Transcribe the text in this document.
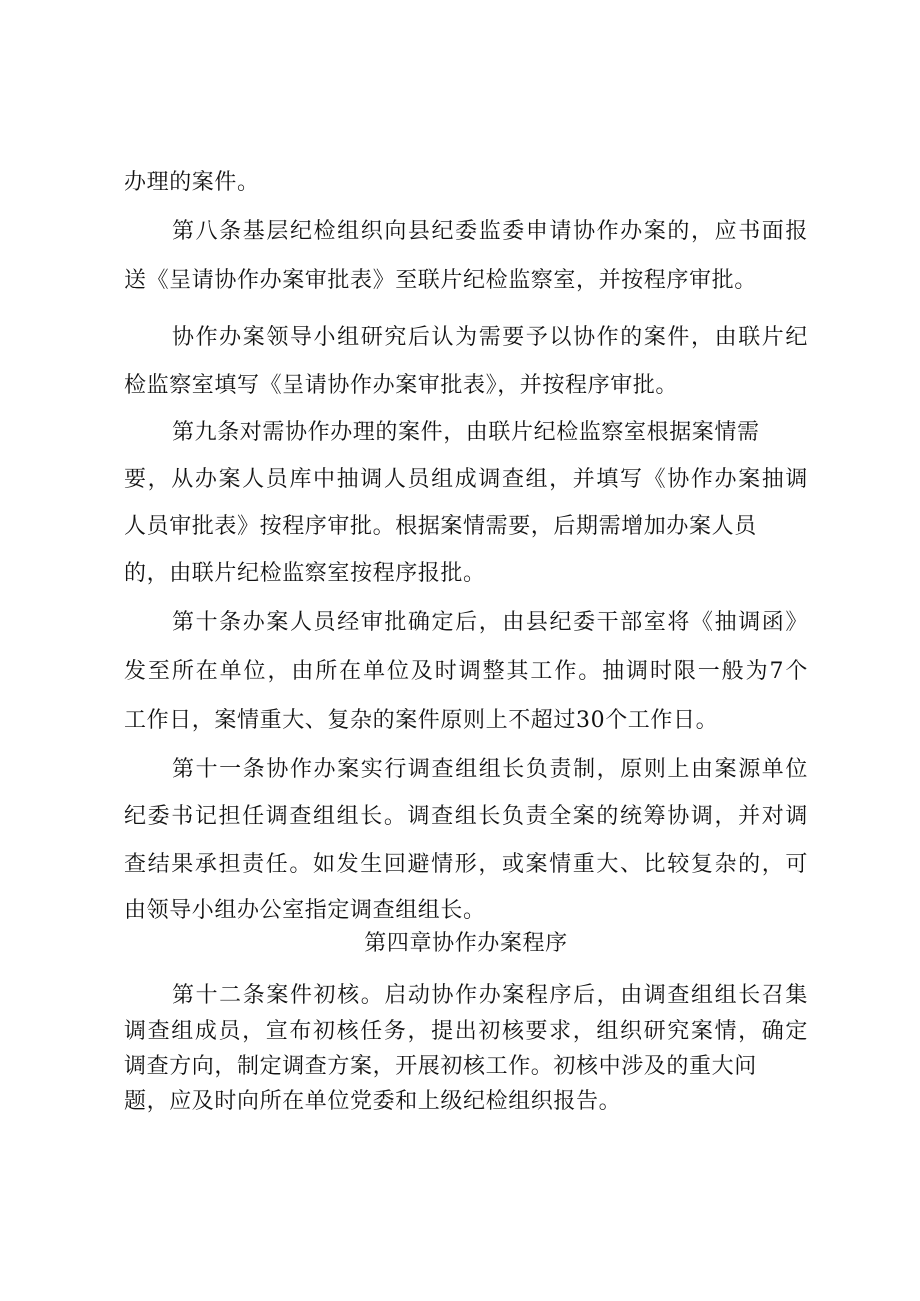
办理的案件。
第八条基层纪检组织向县纪委监委申请协作办案的，应书面报
送《呈请协作办案审批表》至联片纪检监察室，并按程序审批。
协作办案领导小组研究后认为需要予以协作的案件，由联片纪
检监察室填写《呈请协作办案审批表》，并按程序审批。
第九条对需协作办理的案件，由联片纪检监察室根据案情需
要，从办案人员库中抽调人员组成调查组，并填写《协作办案抽调
人员审批表》按程序审批。根据案情需要，后期需增加办案人员
的，由联片纪检监察室按程序报批。
第十条办案人员经审批确定后，由县纪委干部室将《抽调函》
发至所在单位，由所在单位及时调整其工作。抽调时限一般为7个
工作日，案情重大、复杂的案件原则上不超过30个工作日。
第十一条协作办案实行调查组组长负责制，原则上由案源单位
纪委书记担任调查组组长。调查组长负责全案的统筹协调，并对调
查结果承担责任。如发生回避情形，或案情重大、比较复杂的，可
由领导小组办公室指定调查组组长。
第四章协作办案程序
第十二条案件初核。启动协作办案程序后，由调查组组长召集
调查组成员，宣布初核任务，提出初核要求，组织研究案情，确定
调查方向，制定调查方案，开展初核工作。初核中涉及的重大问
题，应及时向所在单位党委和上级纪检组织报告。
